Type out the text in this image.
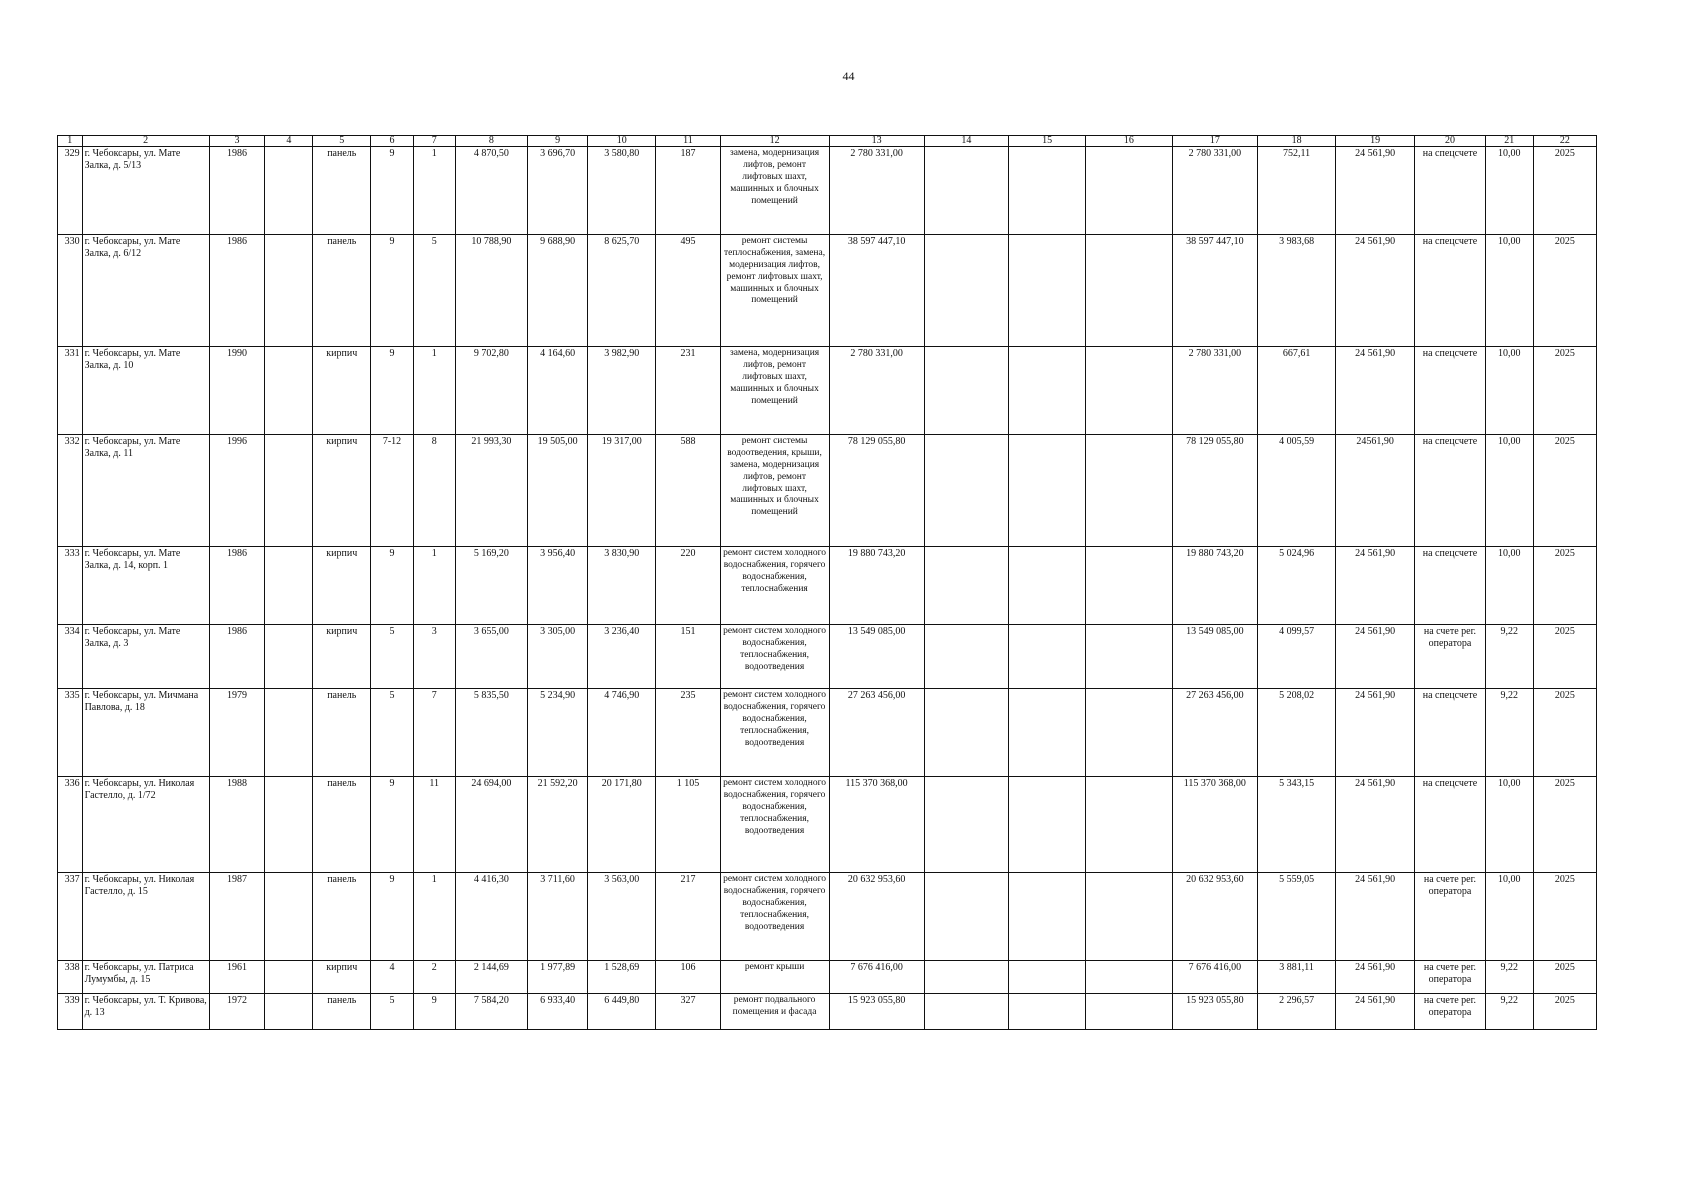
44
1	2	3	4	5	6	7	8	9	10	11	12	13	14	15	16	17	18	19	20	21	22
329	г. Чебоксары, ул. Мате Залка, д. 5/13	1986		панель	9	1	4 870,50	3 696,70	3 580,80	187	замена, модернизация лифтов, ремонт лифтовых шахт, машинных и блочных помещений	2 780 331,00				2 780 331,00	752,11	24 561,90	на спецсчете	10,00	2025
330	г. Чебоксары, ул. Мате Залка, д. 6/12	1986		панель	9	5	10 788,90	9 688,90	8 625,70	495	ремонт системы теплоснабжения, замена, модернизация лифтов, ремонт лифтовых шахт, машинных и блочных помещений	38 597 447,10				38 597 447,10	3 983,68	24 561,90	на спецсчете	10,00	2025
331	г. Чебоксары, ул. Мате Залка, д. 10	1990		кирпич	9	1	9 702,80	4 164,60	3 982,90	231	замена, модернизация лифтов, ремонт лифтовых шахт, машинных и блочных помещений	2 780 331,00				2 780 331,00	667,61	24 561,90	на спецсчете	10,00	2025
332	г. Чебоксары, ул. Мате Залка, д. 11	1996		кирпич	7-12	8	21 993,30	19 505,00	19 317,00	588	ремонт системы водоотведения, крыши, замена, модернизация лифтов, ремонт лифтовых шахт, машинных и блочных помещений	78 129 055,80				78 129 055,80	4 005,59	24561,90	на спецсчете	10,00	2025
333	г. Чебоксары, ул. Мате Залка, д. 14, корп. 1	1986		кирпич	9	1	5 169,20	3 956,40	3 830,90	220	ремонт систем холодного водоснабжения, горячего водоснабжения, теплоснабжения	19 880 743,20				19 880 743,20	5 024,96	24 561,90	на спецсчете	10,00	2025
334	г. Чебоксары, ул. Мате Залка, д. 3	1986		кирпич	5	3	3 655,00	3 305,00	3 236,40	151	ремонт систем холодного водоснабжения, теплоснабжения, водоотведения	13 549 085,00				13 549 085,00	4 099,57	24 561,90	на счете рег. оператора	9,22	2025
335	г. Чебоксары, ул. Мичмана Павлова, д. 18	1979		панель	5	7	5 835,50	5 234,90	4 746,90	235	ремонт систем холодного водоснабжения, горячего водоснабжения, теплоснабжения, водоотведения	27 263 456,00				27 263 456,00	5 208,02	24 561,90	на спецсчете	9,22	2025
336	г. Чебоксары, ул. Николая Гастелло, д. 1/72	1988		панель	9	11	24 694,00	21 592,20	20 171,80	1 105	ремонт систем холодного водоснабжения, горячего водоснабжения, теплоснабжения, водоотведения	115 370 368,00				115 370 368,00	5 343,15	24 561,90	на спецсчете	10,00	2025
337	г. Чебоксары, ул. Николая Гастелло, д. 15	1987		панель	9	1	4 416,30	3 711,60	3 563,00	217	ремонт систем холодного водоснабжения, горячего водоснабжения, теплоснабжения, водоотведения	20 632 953,60				20 632 953,60	5 559,05	24 561,90	на счете рег. оператора	10,00	2025
338	г. Чебоксары, ул. Патриса Лумумбы, д. 15	1961		кирпич	4	2	2 144,69	1 977,89	1 528,69	106	ремонт крыши	7 676 416,00				7 676 416,00	3 881,11	24 561,90	на счете рег. оператора	9,22	2025
339	г. Чебоксары, ул. Т. Кривова, д. 13	1972		панель	5	9	7 584,20	6 933,40	6 449,80	327	ремонт подвального помещения и фасада	15 923 055,80				15 923 055,80	2 296,57	24 561,90	на счете рег. оператора	9,22	2025
